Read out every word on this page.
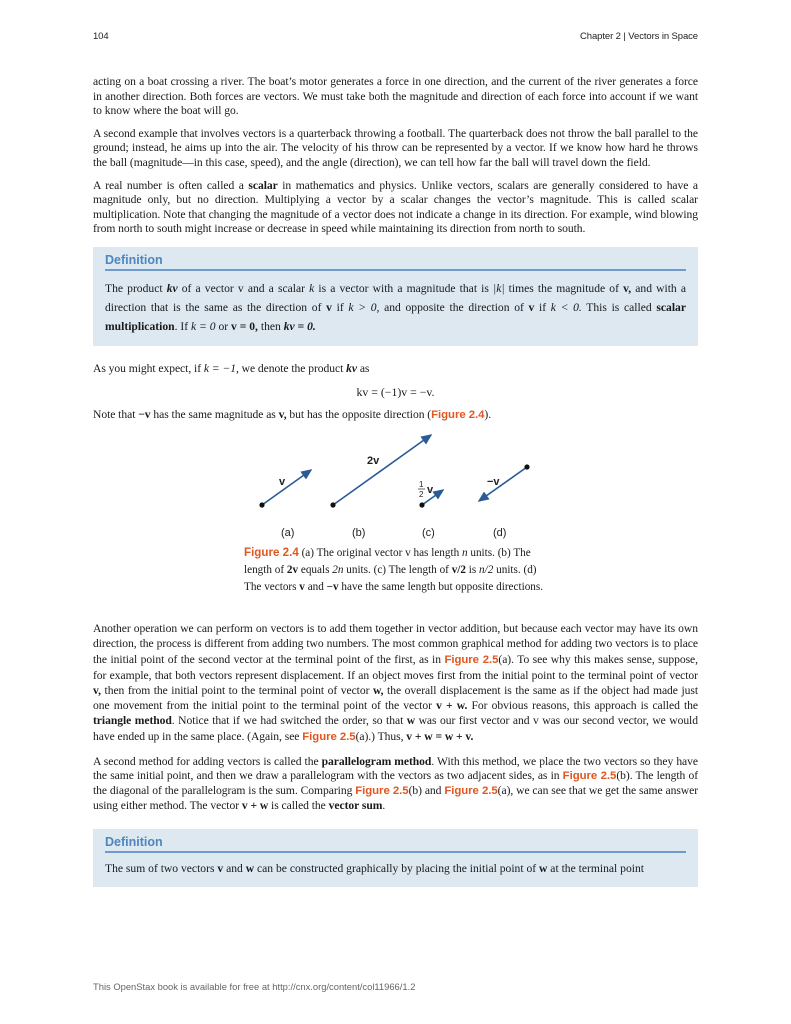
104	Chapter 2 | Vectors in Space

acting on a boat crossing a river. The boat’s motor generates a force in one direction, and the current of the river generates a force in another direction. Both forces are vectors. We must take both the magnitude and direction of each force into account if we want to know where the boat will go.

A second example that involves vectors is a quarterback throwing a football. The quarterback does not throw the ball parallel to the ground; instead, he aims up into the air. The velocity of his throw can be represented by a vector. If we know how hard he throws the ball (magnitude—in this case, speed), and the angle (direction), we can tell how far the ball will travel down the field.

A real number is often called a scalar in mathematics and physics. Unlike vectors, scalars are generally considered to have a magnitude only, but no direction. Multiplying a vector by a scalar changes the vector’s magnitude. This is called scalar multiplication. Note that changing the magnitude of a vector does not indicate a change in its direction. For example, wind blowing from north to south might increase or decrease in speed while maintaining its direction from north to south.

Definition
The product kv of a vector v and a scalar k is a vector with a magnitude that is |k| times the magnitude of v, and with a direction that is the same as the direction of v if k > 0, and opposite the direction of v if k < 0. This is called scalar multiplication. If k = 0 or v = 0, then kv = 0.

As you might expect, if k = −1, we denote the product kv as

kv = (−1)v = −v.

Note that −v has the same magnitude as v, but has the opposite direction (Figure 2.4).

v
2v
1
2 v
−v
(a)	(b)	(c)	(d)
Figure 2.4 (a) The original vector v has length n units. (b) The length of 2v equals 2n units. (c) The length of v/2 is n/2 units. (d) The vectors v and −v have the same length but opposite directions.

Another operation we can perform on vectors is to add them together in vector addition, but because each vector may have its own direction, the process is different from adding two numbers. The most common graphical method for adding two vectors is to place the initial point of the second vector at the terminal point of the first, as in Figure 2.5(a). To see why this makes sense, suppose, for example, that both vectors represent displacement. If an object moves first from the initial point to the terminal point of vector v, then from the initial point to the terminal point of vector w, the overall displacement is the same as if the object had made just one movement from the initial point to the terminal point of the vector v + w. For obvious reasons, this approach is called the triangle method. Notice that if we had switched the order, so that w was our first vector and v was our second vector, we would have ended up in the same place. (Again, see Figure 2.5(a).) Thus, v + w = w + v.

A second method for adding vectors is called the parallelogram method. With this method, we place the two vectors so they have the same initial point, and then we draw a parallelogram with the vectors as two adjacent sides, as in Figure 2.5(b). The length of the diagonal of the parallelogram is the sum. Comparing Figure 2.5(b) and Figure 2.5(a), we can see that we get the same answer using either method. The vector v + w is called the vector sum.

Definition
The sum of two vectors v and w can be constructed graphically by placing the initial point of w at the terminal point
This OpenStax book is available for free at http://cnx.org/content/col11966/1.2
